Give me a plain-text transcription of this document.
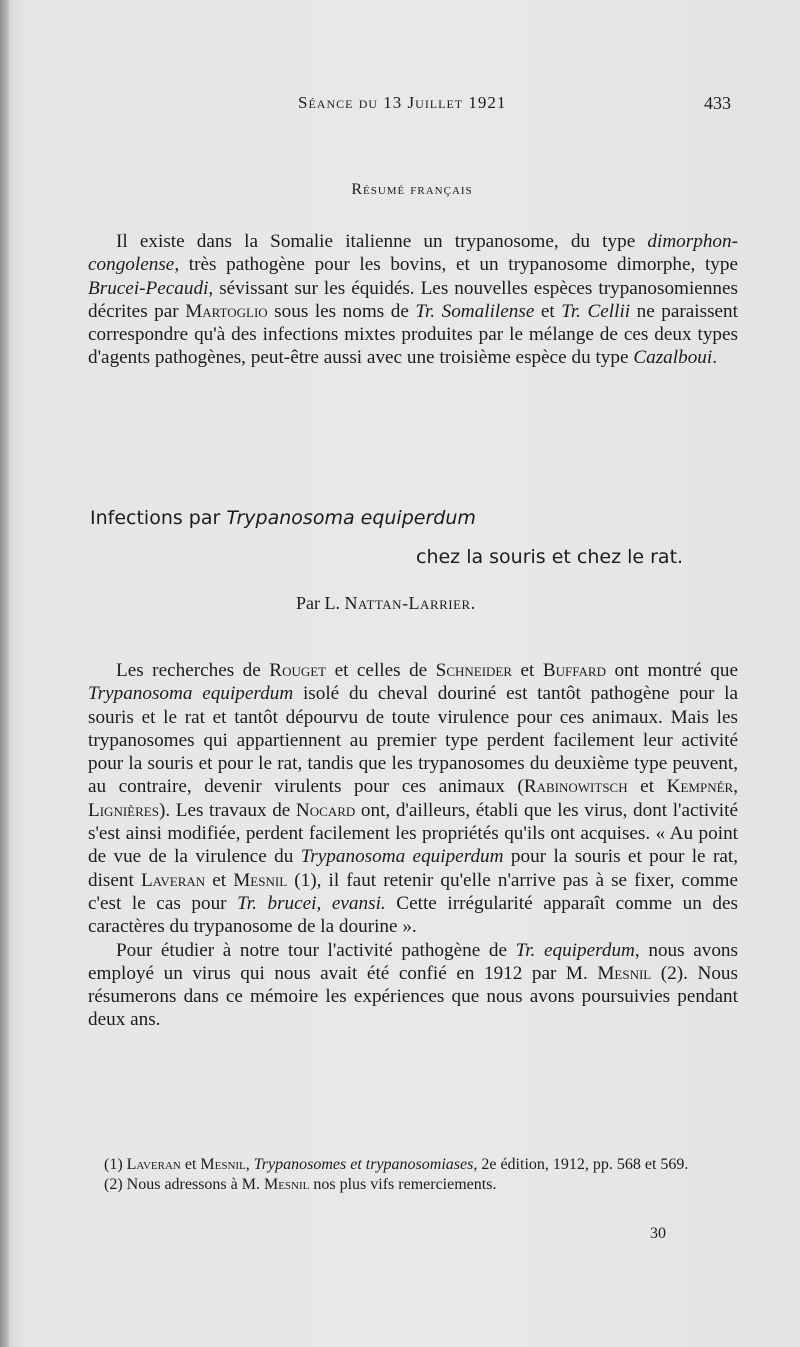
Séance du 13 Juillet 1921	433
Résumé français

Il existe dans la Somalie italienne un trypanosome, du type dimorphon-congolense, très pathogène pour les bovins, et un trypanosome dimorphe, type Brucei-Pecaudi, sévissant sur les équidés. Les nouvelles espèces trypanosomiennes décrites par Martoglio sous les noms de Tr. Somalilense et Tr. Cellii ne paraissent correspondre qu'à des infections mixtes produites par le mélange de ces deux types d'agents pathogènes, peut-être aussi avec une troisième espèce du type Cazalboui.

Infections par Trypanosoma equiperdum
chez la souris et chez le rat.
Par L. Nattan-Larrier.

Les recherches de Rouget et celles de Schneider et Buffard ont montré que Trypanosoma equiperdum isolé du cheval douriné est tantôt pathogène pour la souris et le rat et tantôt dépourvu de toute virulence pour ces animaux. Mais les trypanosomes qui appartiennent au premier type perdent facilement leur activité pour la souris et pour le rat, tandis que les trypanosomes du deuxième type peuvent, au contraire, devenir virulents pour ces animaux (Rabinowitsch et Kempnér, Lignières). Les travaux de Nocard ont, d'ailleurs, établi que les virus, dont l'activité s'est ainsi modifiée, perdent facilement les propriétés qu'ils ont acquises. « Au point de vue de la virulence du Trypanosoma equiperdum pour la souris et pour le rat, disent Laveran et Mesnil (1), il faut retenir qu'elle n'arrive pas à se fixer, comme c'est le cas pour Tr. brucei, evansi. Cette irrégularité apparaît comme un des caractères du trypanosome de la dourine ».

Pour étudier à notre tour l'activité pathogène de Tr. equiperdum, nous avons employé un virus qui nous avait été confié en 1912 par M. Mesnil (2). Nous résumerons dans ce mémoire les expériences que nous avons poursuivies pendant deux ans.

(1) Laveran et Mesnil, Trypanosomes et trypanosomiases, 2e édition, 1912, pp. 568 et 569.

(2) Nous adressons à M. Mesnil nos plus vifs remerciements.

30
